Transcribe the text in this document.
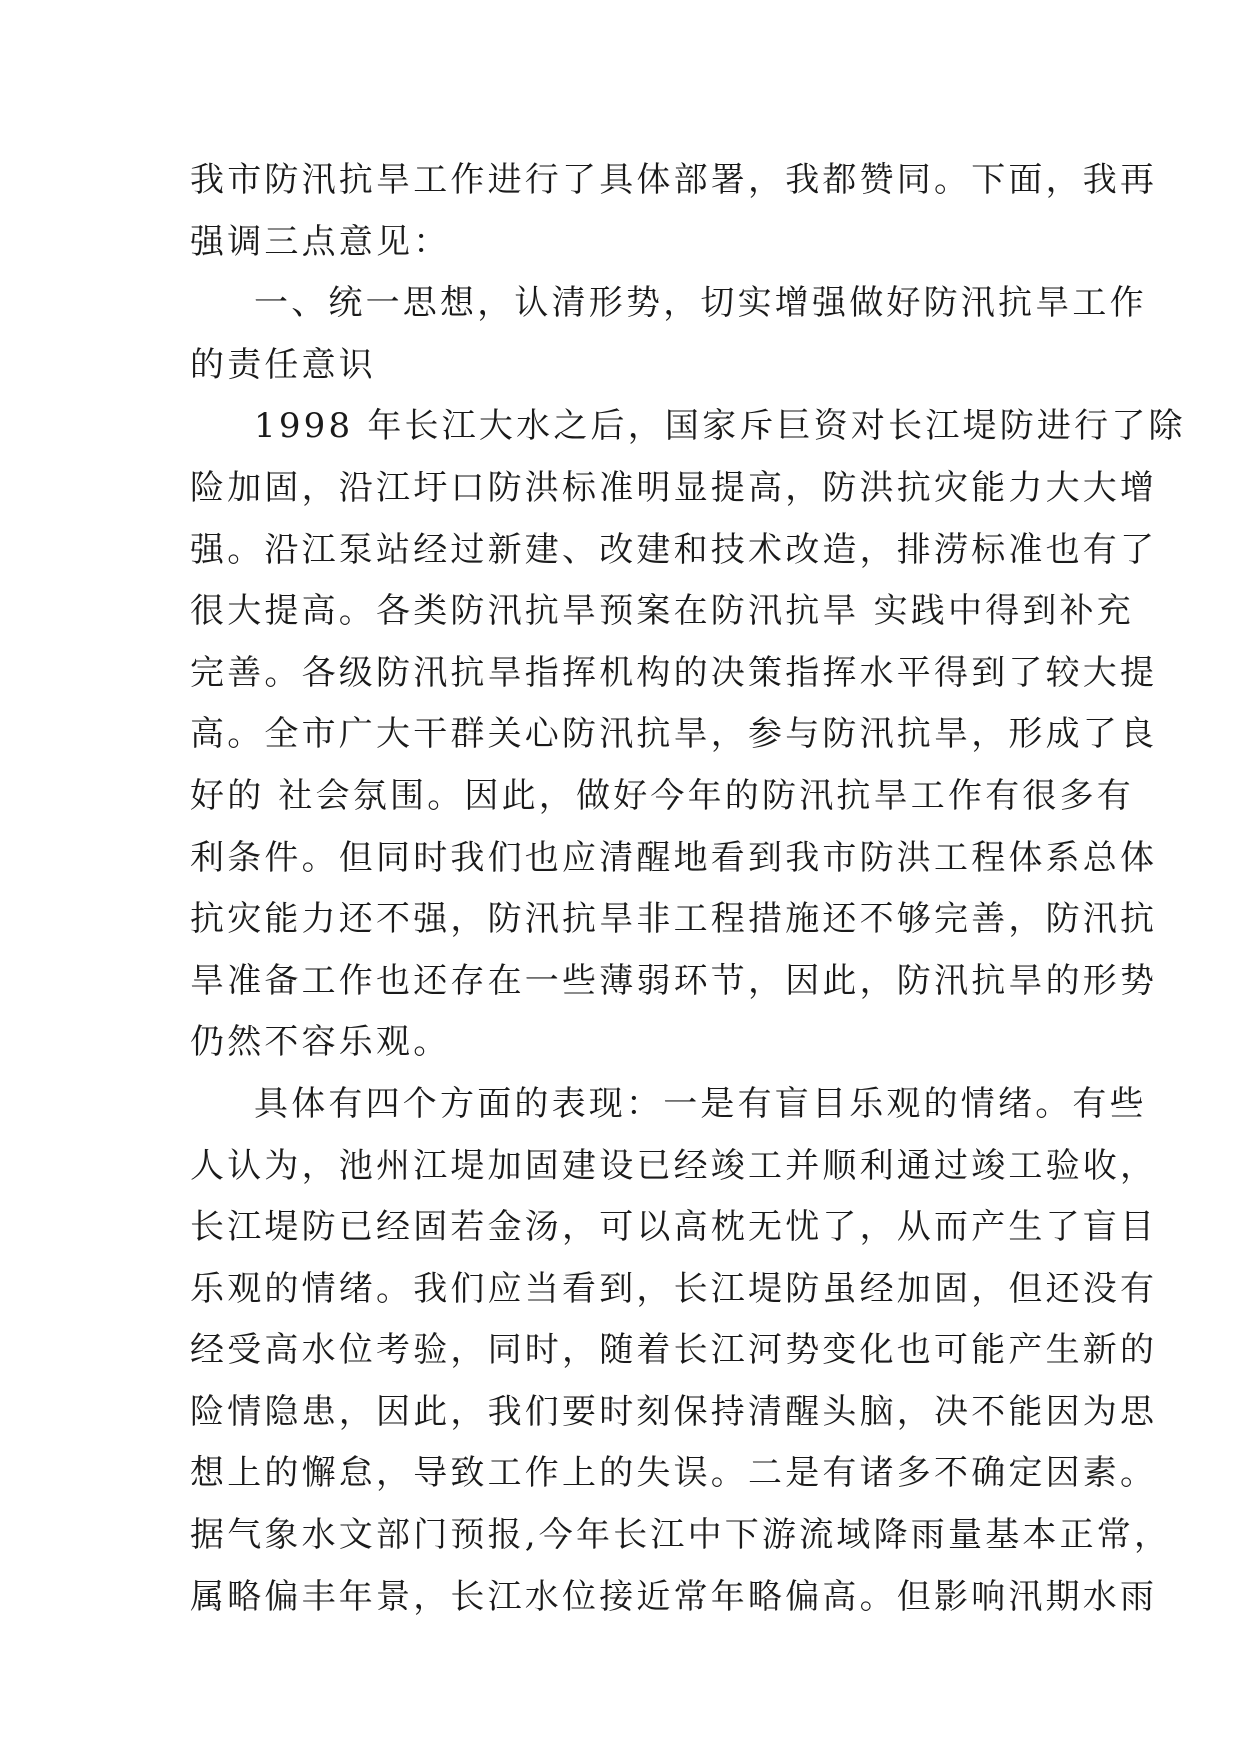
我市防汛抗旱工作进行了具体部署，我都赞同。下面，我再
强调三点意见：
一、统一思想，认清形势，切实增强做好防汛抗旱工作
的责任意识
1998 年长江大水之后，国家斥巨资对长江堤防进行了除
险加固，沿江圩口防洪标准明显提高，防洪抗灾能力大大增
强。沿江泵站经过新建、改建和技术改造，排涝标准也有了
很大提高。各类防汛抗旱预案在防汛抗旱 实践中得到补充
完善。各级防汛抗旱指挥机构的决策指挥水平得到了较大提
高。全市广大干群关心防汛抗旱，参与防汛抗旱，形成了良
好的 社会氛围。因此，做好今年的防汛抗旱工作有很多有
利条件。但同时我们也应清醒地看到我市防洪工程体系总体
抗灾能力还不强，防汛抗旱非工程措施还不够完善，防汛抗
旱准备工作也还存在一些薄弱环节，因此，防汛抗旱的形势
仍然不容乐观。
具体有四个方面的表现：一是有盲目乐观的情绪。有些
人认为，池州江堤加固建设已经竣工并顺利通过竣工验收，
长江堤防已经固若金汤，可以高枕无忧了，从而产生了盲目
乐观的情绪。我们应当看到，长江堤防虽经加固，但还没有
经受高水位考验，同时，随着长江河势变化也可能产生新的
险情隐患，因此，我们要时刻保持清醒头脑，决不能因为思
想上的懈怠，导致工作上的失误。二是有诸多不确定因素。
据气象水文部门预报,今年长江中下游流域降雨量基本正常，
属略偏丰年景，长江水位接近常年略偏高。但影响汛期水雨
